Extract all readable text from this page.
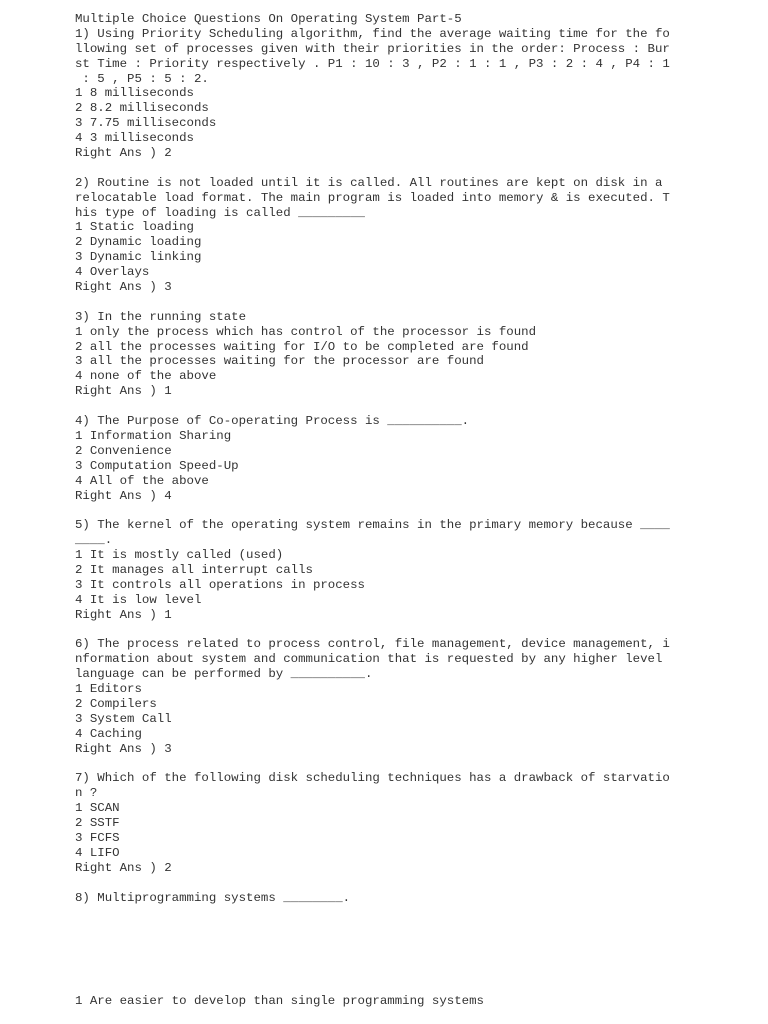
Multiple Choice Questions On Operating System Part-5
1) Using Priority Scheduling algorithm, find the average waiting time for the fo
llowing set of processes given with their priorities in the order: Process : Bur
st Time : Priority respectively . P1 : 10 : 3 , P2 : 1 : 1 , P3 : 2 : 4 , P4 : 1
: 5 , P5 : 5 : 2.
1 8 milliseconds
2 8.2 milliseconds
3 7.75 milliseconds
4 3 milliseconds
Right Ans ) 2
2) Routine is not loaded until it is called. All routines are kept on disk in a
relocatable load format. The main program is loaded into memory & is executed. T
his type of loading is called _________
1 Static loading
2 Dynamic loading
3 Dynamic linking
4 Overlays
Right Ans ) 3
3) In the running state
1 only the process which has control of the processor is found
2 all the processes waiting for I/O to be completed are found
3 all the processes waiting for the processor are found
4 none of the above
Right Ans ) 1
4) The Purpose of Co-operating Process is __________.
1 Information Sharing
2 Convenience
3 Computation Speed-Up
4 All of the above
Right Ans ) 4
5) The kernel of the operating system remains in the primary memory because ____
____.
1 It is mostly called (used)
2 It manages all interrupt calls
3 It controls all operations in process
4 It is low level
Right Ans ) 1
6) The process related to process control, file management, device management, i
nformation about system and communication that is requested by any higher level
language can be performed by __________.
1 Editors
2 Compilers
3 System Call
4 Caching
Right Ans ) 3
7) Which of the following disk scheduling techniques has a drawback of starvatio
n ?
1 SCAN
2 SSTF
3 FCFS
4 LIFO
Right Ans ) 2
8) Multiprogramming systems ________.
1 Are easier to develop than single programming systems
